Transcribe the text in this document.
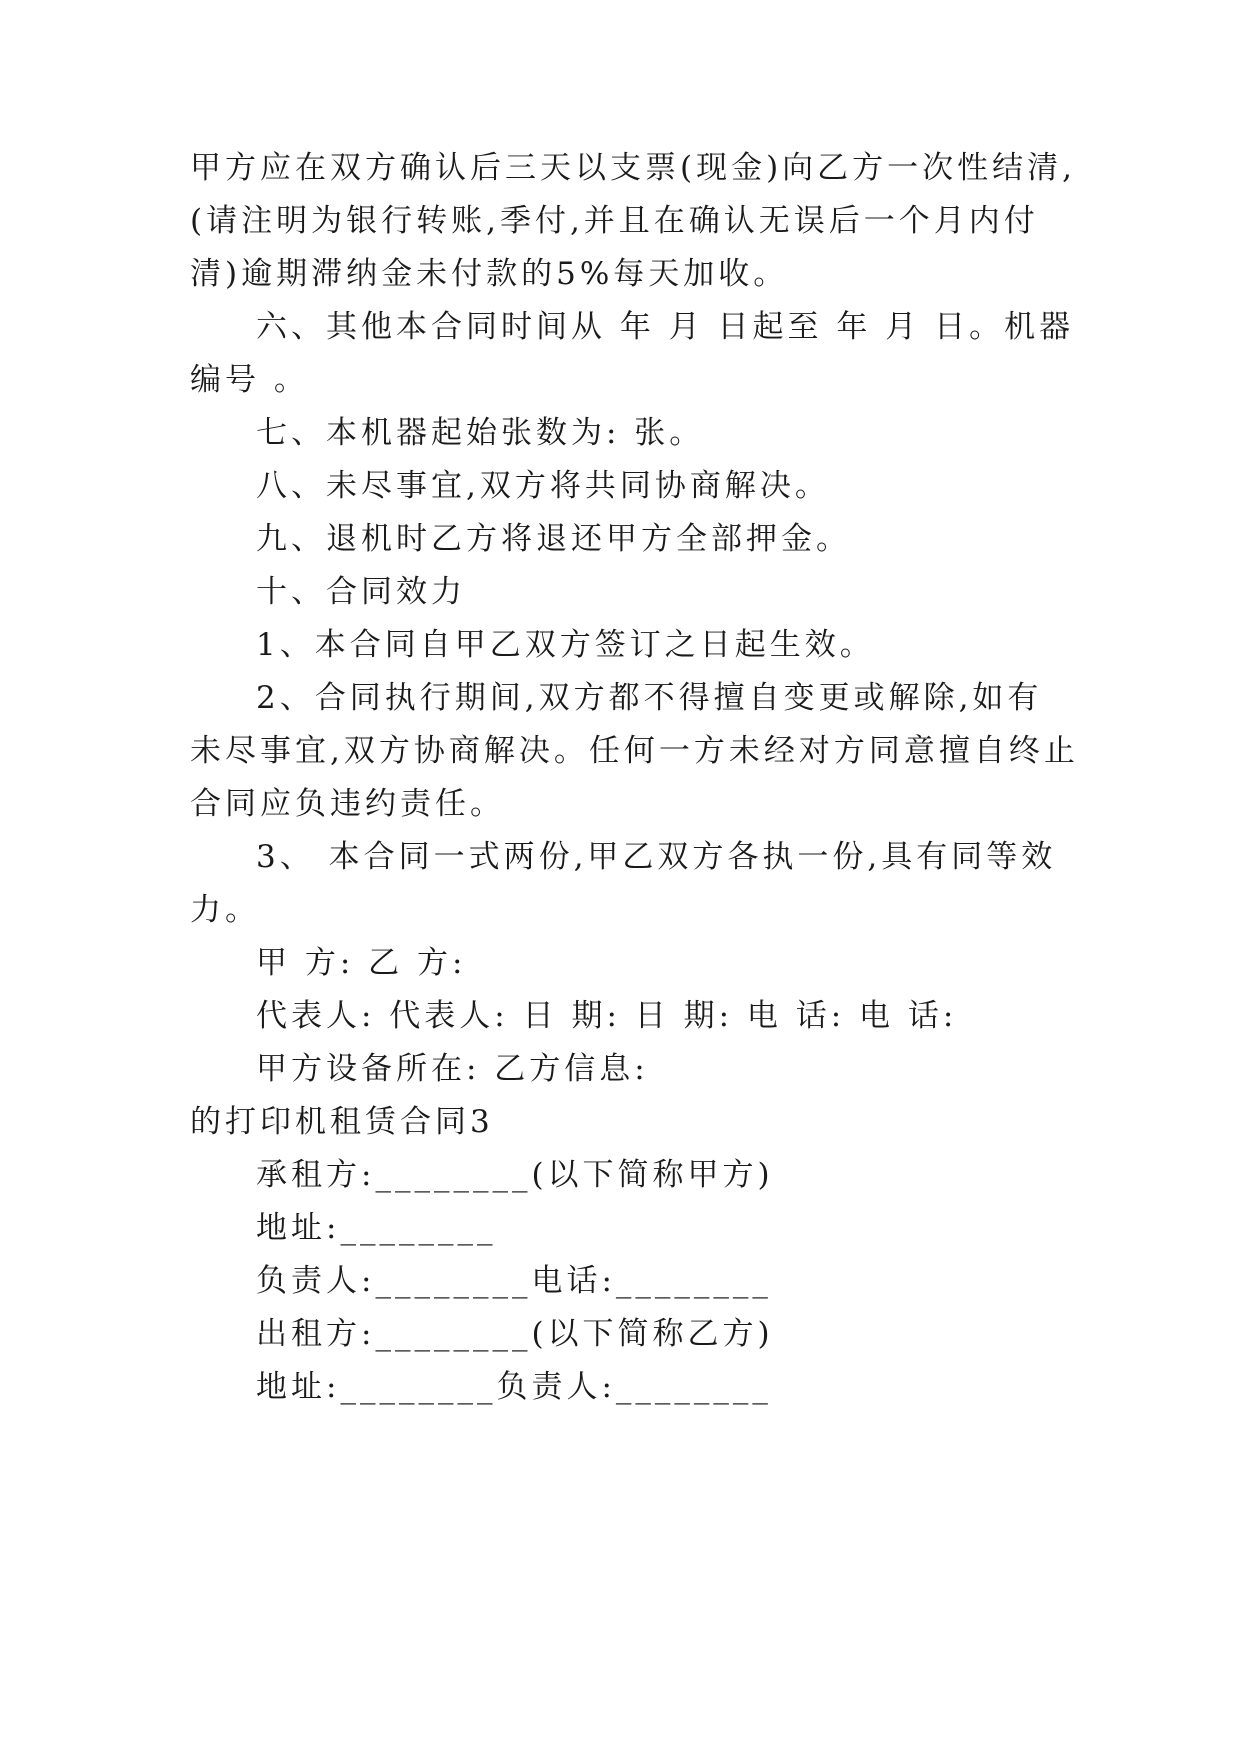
甲方应在双方确认后三天以支票(现金)向乙方一次性结清,
(请注明为银行转账,季付,并且在确认无误后一个月内付
清)逾期滞纳金未付款的5%每天加收。
六、其他本合同时间从 年 月 日起至 年 月 日。机器
编号 。
七、本机器起始张数为: 张。
八、未尽事宜,双方将共同协商解决。
九、退机时乙方将退还甲方全部押金。
十、合同效力
1、本合同自甲乙双方签订之日起生效。
2、合同执行期间,双方都不得擅自变更或解除,如有
未尽事宜,双方协商解决。任何一方未经对方同意擅自终止
合同应负违约责任。
3、 本合同一式两份,甲乙双方各执一份,具有同等效
力。
甲 方: 乙 方:
代表人: 代表人: 日 期: 日 期: 电 话: 电 话:
甲方设备所在: 乙方信息:
的打印机租赁合同3
承租方:________(以下简称甲方)
地址:________
负责人:________电话:________
出租方:________(以下简称乙方)
地址:________负责人:________
